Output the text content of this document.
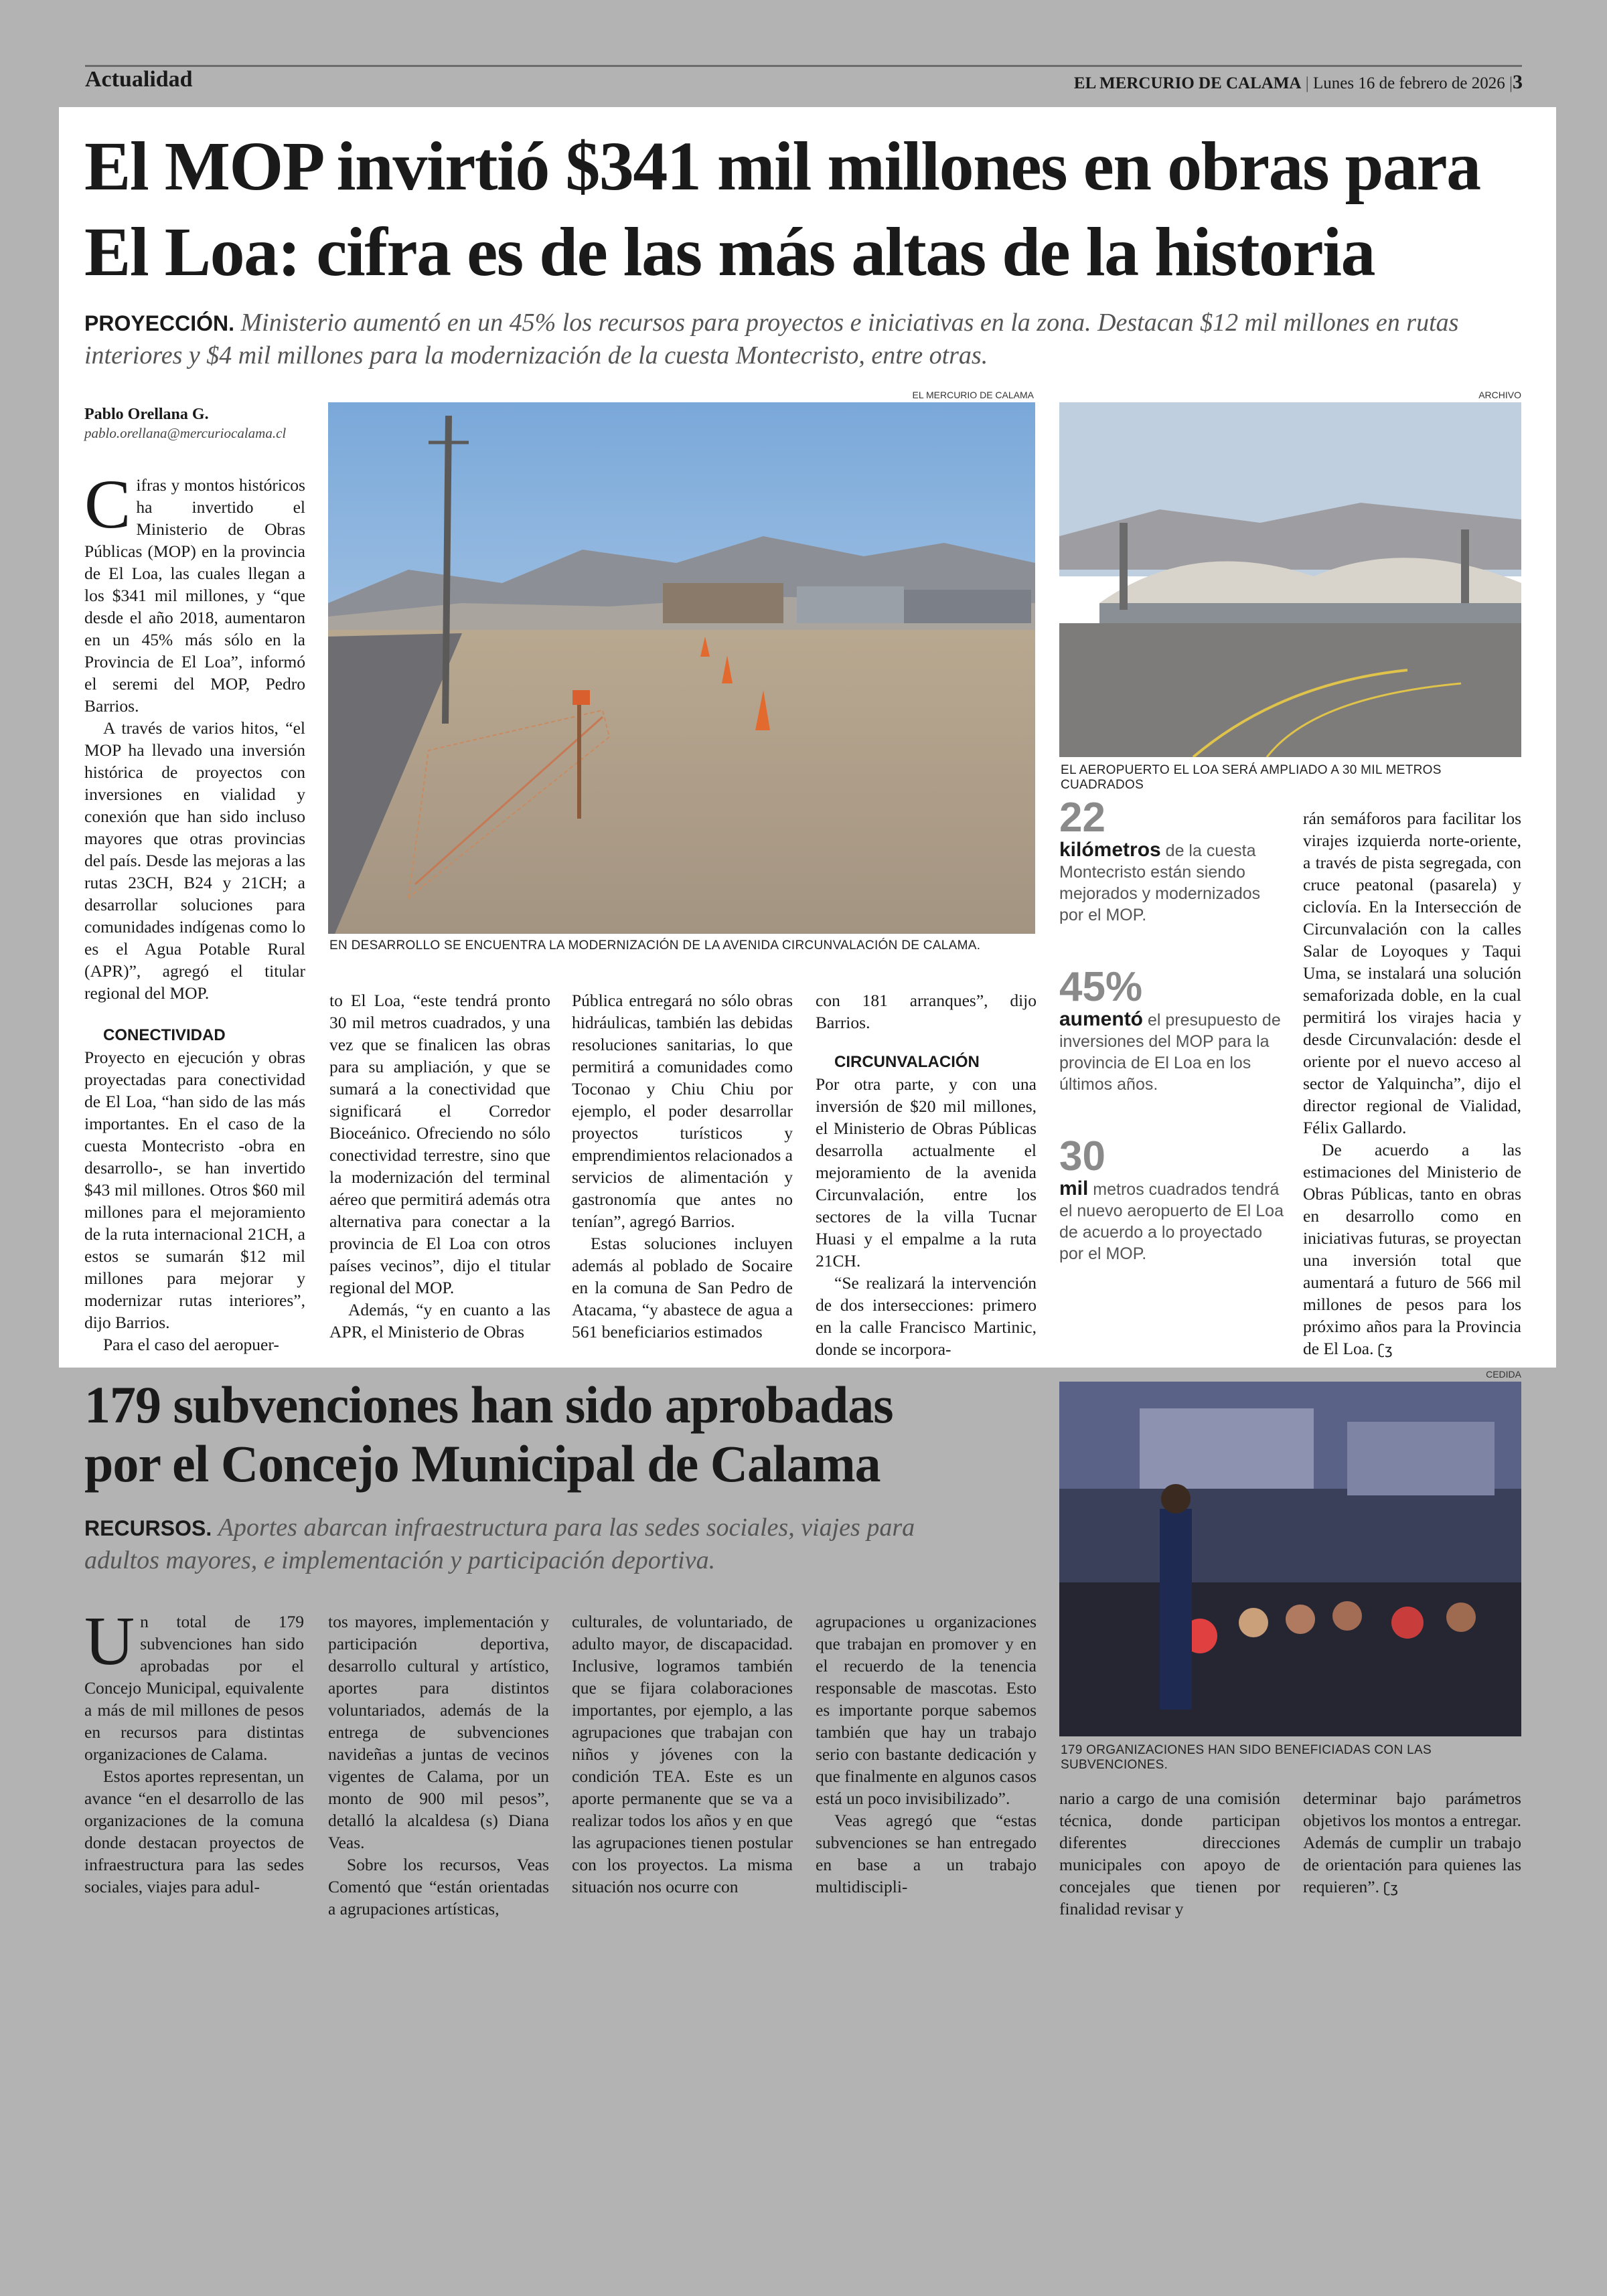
Actualidad	EL MERCURIO DE CALAMA | Lunes 16 de febrero de 2026 |3
El MOP invirtió $341 mil millones en obras para
El Loa: cifra es de las más altas de la historia
PROYECCIÓN. Ministerio aumentó en un 45% los recursos para proyectos e iniciativas en la zona. Destacan $12 mil millones en rutas interiores y $4 mil millones para la modernización de la cuesta Montecristo, entre otras.
Pablo Orellana G.
pablo.orellana@mercuriocalama.cl
EL MERCURIO DE CALAMA
EN DESARROLLO SE ENCUENTRA LA MODERNIZACIÓN DE LA AVENIDA CIRCUNVALACIÓN DE CALAMA.
ARCHIVO
EL AEROPUERTO EL LOA SERÁ AMPLIADO A 30 MIL METROS CUADRADOS

Cifras y montos históricos ha invertido el Ministerio de Obras Públicas (MOP) en la provincia de El Loa, las cuales llegan a los $341 mil millones, y “que desde el año 2018, aumentaron en un 45% más sólo en la Provincia de El Loa”, informó el seremi del MOP, Pedro Barrios.

A través de varios hitos, “el MOP ha llevado una inversión histórica de proyectos con inversiones en vialidad y conexión que han sido incluso mayores que otras provincias del país. Desde las mejoras a las rutas 23CH, B24 y 21CH; a desarrollar soluciones para comunidades indígenas como lo es el Agua Potable Rural (APR)”, agregó el titular regional del MOP.

CONECTIVIDAD

Proyecto en ejecución y obras proyectadas para conectividad de El Loa, “han sido de las más importantes. En el caso de la cuesta Montecristo -obra en desarrollo-, se han invertido $43 mil millones. Otros $60 mil millones para el mejoramiento de la ruta internacional 21CH, a estos se sumarán $12 mil millones para mejorar y modernizar rutas interiores”, dijo Barrios.

Para el caso del aeropuer-

to El Loa, “este tendrá pronto 30 mil metros cuadrados, y una vez que se finalicen las obras para su ampliación, y que se sumará a la conectividad que significará el Corredor Bioceánico. Ofreciendo no sólo conectividad terrestre, sino que la modernización del terminal aéreo que permitirá además otra alternativa para conectar a la provincia de El Loa con otros países vecinos”, dijo el titular regional del MOP.

Además, “y en cuanto a las APR, el Ministerio de Obras

Pública entregará no sólo obras hidráulicas, también las debidas resoluciones sanitarias, lo que permitirá a comunidades como Toconao y Chiu Chiu por ejemplo, el poder desarrollar proyectos turísticos y emprendimientos relacionados a servicios de alimentación y gastronomía que antes no tenían”, agregó Barrios.

Estas soluciones incluyen además al poblado de Socaire en la comuna de San Pedro de Atacama, “y abastece de agua a 561 beneficiarios estimados

con 181 arranques”, dijo Barrios.

CIRCUNVALACIÓN

Por otra parte, y con una inversión de $20 mil millones, el Ministerio de Obras Públicas desarrolla actualmente el mejoramiento de la avenida Circunvalación, entre los sectores de la villa Tucnar Huasi y el empalme a la ruta 21CH.

“Se realizará la intervención de dos intersecciones: primero en la calle Francisco Martinic, donde se incorpora-

22
kilómetros de la cuesta Montecristo están siendo mejorados y modernizados por el MOP.
45%
aumentó el presupuesto de inversiones del MOP para la provincia de El Loa en los últimos años.
30
mil metros cuadrados tendrá el nuevo aeropuerto de El Loa de acuerdo a lo proyectado por el MOP.

rán semáforos para facilitar los virajes izquierda norte-oriente, a través de pista segregada, con cruce peatonal (pasarela) y ciclovía. En la Intersección de Circunvalación con la calles Salar de Loyoques y Taqui Uma, se instalará una solución semaforizada doble, en la cual permitirá los virajes hacia y desde Circunvalación: desde el oriente por el nuevo acceso al sector de Yalquincha”, dijo el director regional de Vialidad, Félix Gallardo.

De acuerdo a las estimaciones del Ministerio de Obras Públicas, tanto en obras en desarrollo como en iniciativas futuras, se proyectan una inversión total que aumentará a futuro de 566 mil millones de pesos para los próximo años para la Provincia de El Loa. ʗʒ

179 subvenciones han sido aprobadas
por el Concejo Municipal de Calama
RECURSOS. Aportes abarcan infraestructura para las sedes sociales, viajes para
adultos mayores, e implementación y participación deportiva.
CEDIDA
179 ORGANIZACIONES HAN SIDO BENEFICIADAS CON LAS SUBVENCIONES.

Un total de 179 subvenciones han sido aprobadas por el Concejo Municipal, equivalente a más de mil millones de pesos en recursos para distintas organizaciones de Calama.

Estos aportes representan, un avance “en el desarrollo de las organizaciones de la comuna donde destacan proyectos de infraestructura para las sedes sociales, viajes para adul-

tos mayores, implementación y participación deportiva, desarrollo cultural y artístico, aportes para distintos voluntariados, además de la entrega de subvenciones navideñas a juntas de vecinos vigentes de Calama, por un monto de 900 mil pesos”, detalló la alcaldesa (s) Diana Veas.

Sobre los recursos, Veas Comentó que “están orientadas a agrupaciones artísticas,

culturales, de voluntariado, de adulto mayor, de discapacidad. Inclusive, logramos también que se fijara colaboraciones importantes, por ejemplo, a las agrupaciones que trabajan con niños y jóvenes con la condición TEA. Este es un aporte permanente que se va a realizar todos los años y en que las agrupaciones tienen postular con los proyectos. La misma situación nos ocurre con

agrupaciones u organizaciones que trabajan en promover y en el recuerdo de la tenencia responsable de mascotas. Esto es importante porque sabemos también que hay un trabajo serio con bastante dedicación y que finalmente en algunos casos está un poco invisibilizado”.

Veas agregó que “estas subvenciones se han entregado en base a un trabajo multidiscipli-

nario a cargo de una comisión técnica, donde participan diferentes direcciones municipales con apoyo de concejales que tienen por finalidad revisar y

determinar bajo parámetros objetivos los montos a entregar. Además de cumplir un trabajo de orientación para quienes las requieren”. ʗʒ
